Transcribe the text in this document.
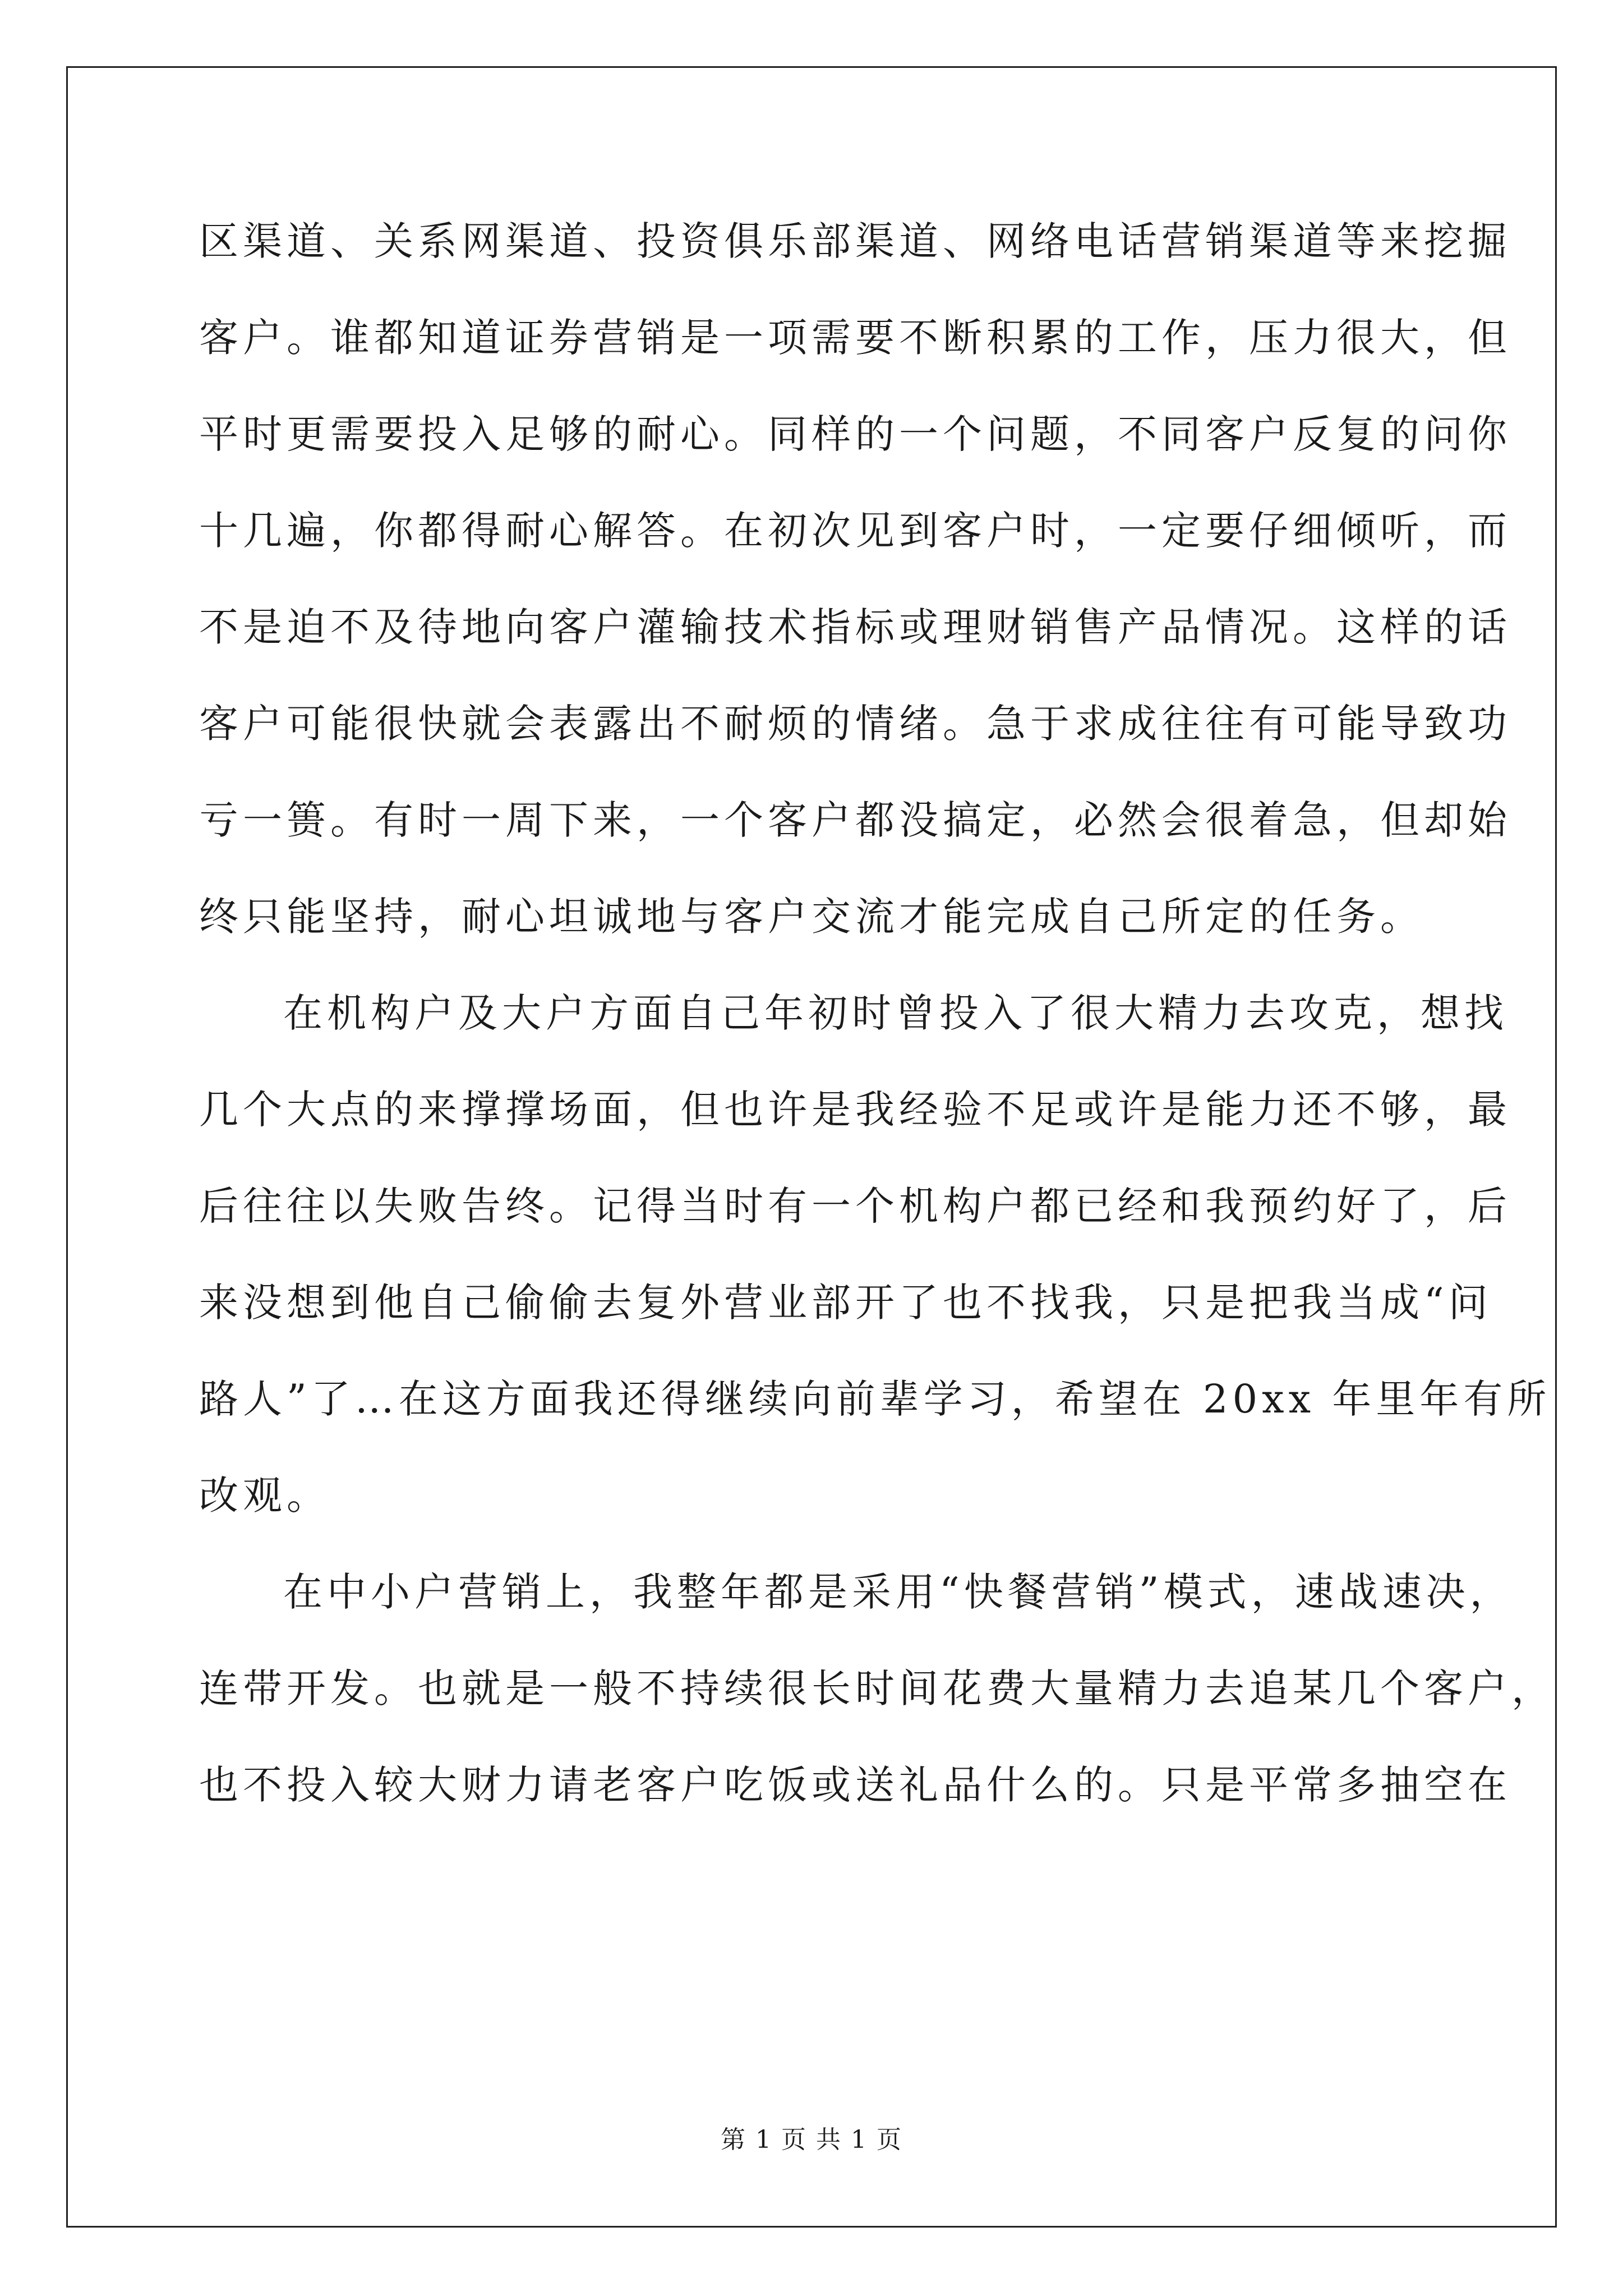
区渠道、关系网渠道、投资俱乐部渠道、网络电话营销渠道等来挖掘
客户。谁都知道证券营销是一项需要不断积累的工作，压力很大，但
平时更需要投入足够的耐心。同样的一个问题，不同客户反复的问你
十几遍，你都得耐心解答。在初次见到客户时，一定要仔细倾听，而
不是迫不及待地向客户灌输技术指标或理财销售产品情况。这样的话
客户可能很快就会表露出不耐烦的情绪。急于求成往往有可能导致功
亏一篑。有时一周下来，一个客户都没搞定，必然会很着急，但却始
终只能坚持，耐心坦诚地与客户交流才能完成自己所定的任务。
在机构户及大户方面自己年初时曾投入了很大精力去攻克，想找
几个大点的来撑撑场面，但也许是我经验不足或许是能力还不够，最
后往往以失败告终。记得当时有一个机构户都已经和我预约好了，后
来没想到他自己偷偷去复外营业部开了也不找我，只是把我当成“问
路人”了…在这方面我还得继续向前辈学习，希望在 20xx 年里年有所
改观。
在中小户营销上，我整年都是采用“快餐营销”模式，速战速决，
连带开发。也就是一般不持续很长时间花费大量精力去追某几个客户，
也不投入较大财力请老客户吃饭或送礼品什么的。只是平常多抽空在
第 1 页 共 1 页
